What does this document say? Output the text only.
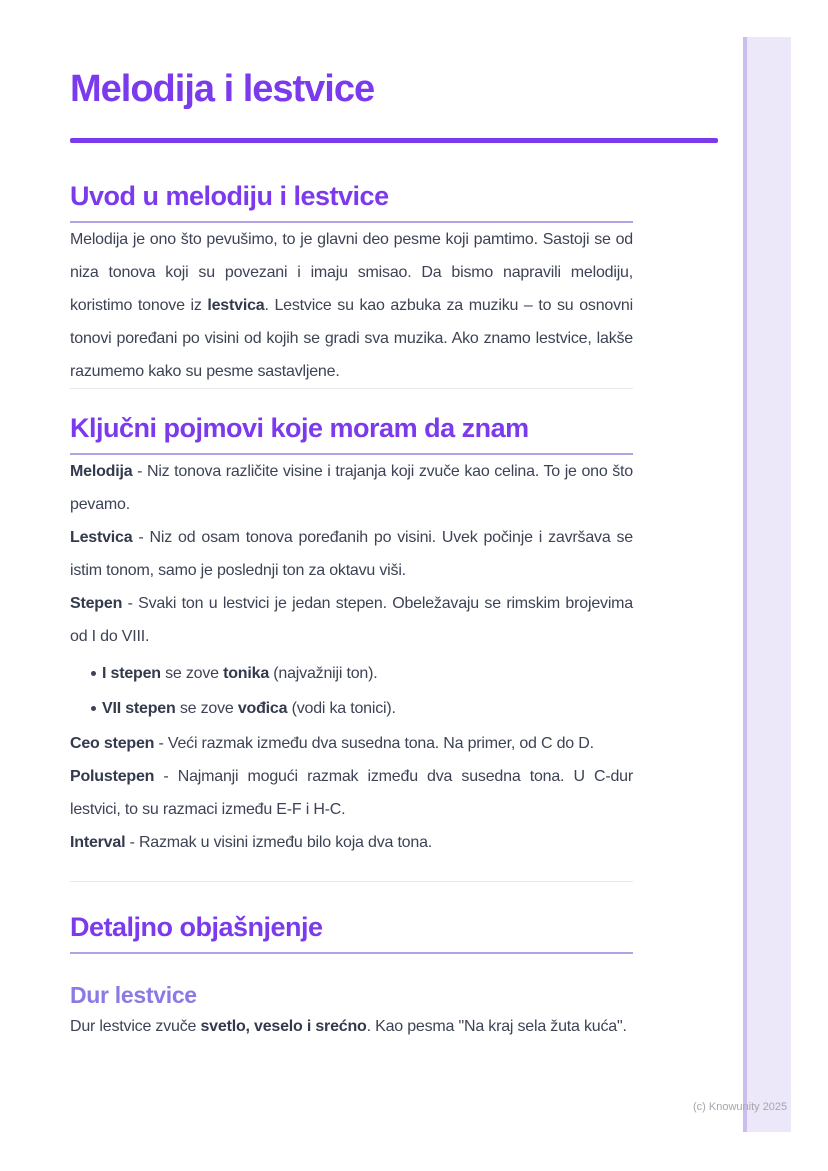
Melodija i lestvice
Uvod u melodiju i lestvice

Melodija je ono što pevušimo, to je glavni deo pesme koji pamtimo. Sastoji se od niza tonova koji su povezani i imaju smisao. Da bismo napravili melodiju, koristimo tonove iz lestvica. Lestvice su kao azbuka za muziku – to su osnovni tonovi poređani po visini od kojih se gradi sva muzika. Ako znamo lestvice, lakše razumemo kako su pesme sastavljene.

Ključni pojmovi koje moram da znam

Melodija - Niz tonova različite visine i trajanja koji zvuče kao celina. To je ono što pevamo.

Lestvica - Niz od osam tonova poređanih po visini. Uvek počinje i završava se istim tonom, samo je poslednji ton za oktavu viši.

Stepen - Svaki ton u lestvici je jedan stepen. Obeležavaju se rimskim brojevima od I do VIII.

I stepen se zove tonika (najvažniji ton).
VII stepen se zove vođica (vodi ka tonici).

Ceo stepen - Veći razmak između dva susedna tona. Na primer, od C do D.

Polustepen - Najmanji mogući razmak između dva susedna tona. U C-dur lestvici, to su razmaci između E-F i H-C.

Interval - Razmak u visini između bilo koja dva tona.

Detaljno objašnjenje
Dur lestvice

Dur lestvice zvuče svetlo, veselo i srećno. Kao pesma "Na kraj sela žuta kuća".

(c) Knowunity 2025
